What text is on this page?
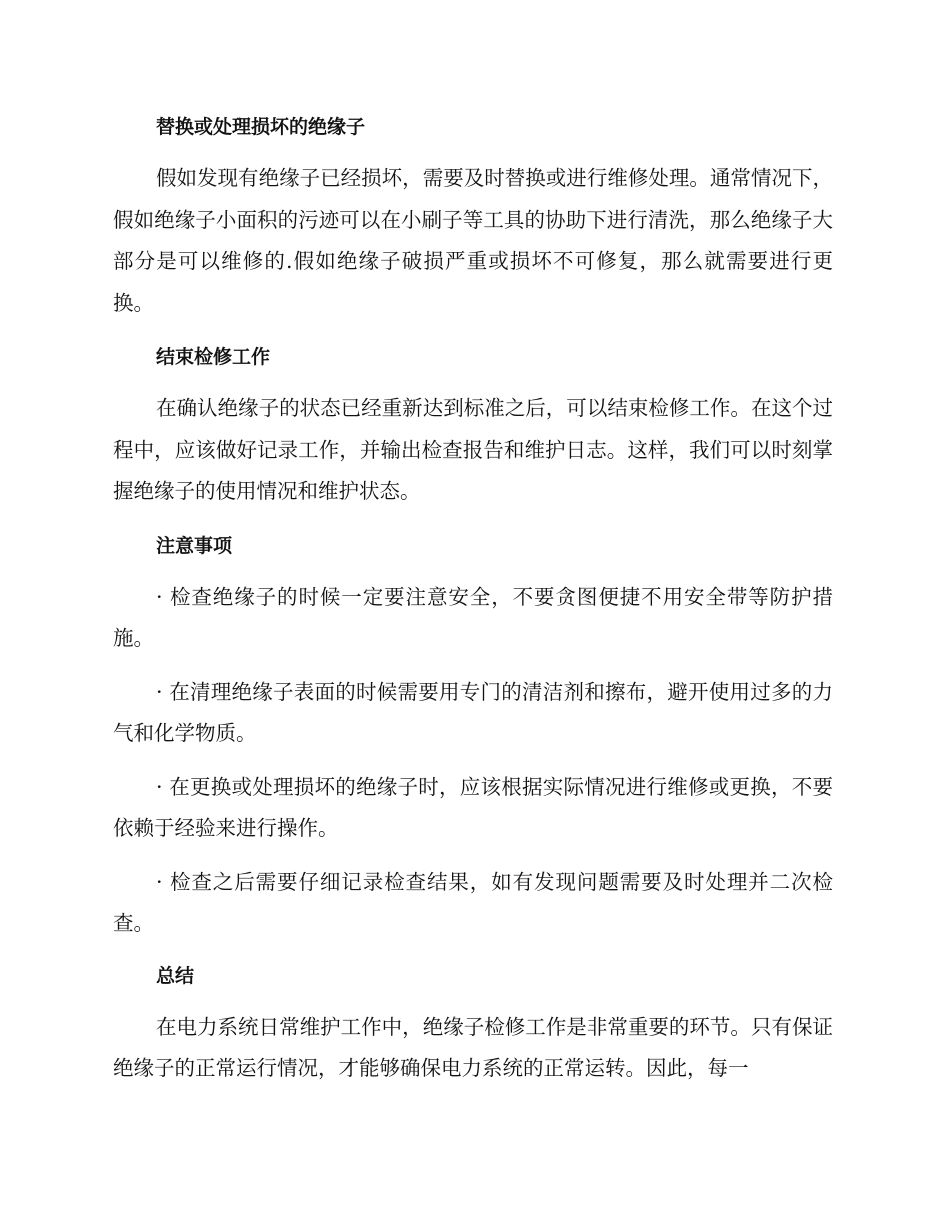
替换或处理损坏的绝缘子

假如发现有绝缘子已经损坏，需要及时替换或进行维修处理。通常情况下，假如绝缘子小面积的污迹可以在小刷子等工具的协助下进行清洗，那么绝缘子大部分是可以维修的.假如绝缘子破损严重或损坏不可修复，那么就需要进行更换。

结束检修工作

在确认绝缘子的状态已经重新达到标准之后，可以结束检修工作。在这个过程中，应该做好记录工作，并输出检查报告和维护日志。这样，我们可以时刻掌握绝缘子的使用情况和维护状态。

注意事项

· 检查绝缘子的时候一定要注意安全，不要贪图便捷不用安全带等防护措施。

· 在清理绝缘子表面的时候需要用专门的清洁剂和擦布，避开使用过多的力气和化学物质。

· 在更换或处理损坏的绝缘子时，应该根据实际情况进行维修或更换，不要依赖于经验来进行操作。

· 检查之后需要仔细记录检查结果，如有发现问题需要及时处理并二次检查。

总结

在电力系统日常维护工作中，绝缘子检修工作是非常重要的环节。只有保证绝缘子的正常运行情况，才能够确保电力系统的正常运转。因此，每一
